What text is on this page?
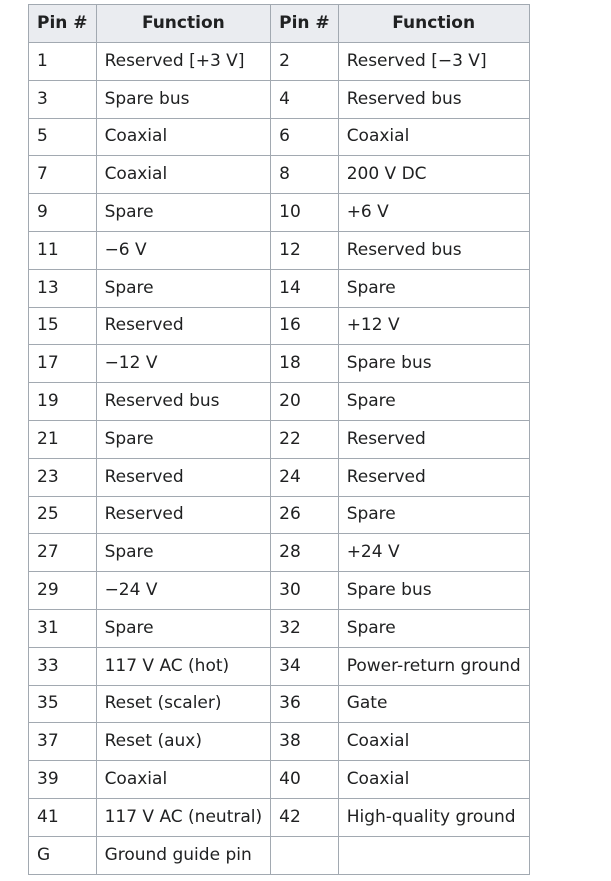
Pin #	Function	Pin #	Function
1	Reserved [+3 V]	2	Reserved [−3 V]
3	Spare bus	4	Reserved bus
5	Coaxial	6	Coaxial
7	Coaxial	8	200 V DC
9	Spare	10	+6 V
11	−6 V	12	Reserved bus
13	Spare	14	Spare
15	Reserved	16	+12 V
17	−12 V	18	Spare bus
19	Reserved bus	20	Spare
21	Spare	22	Reserved
23	Reserved	24	Reserved
25	Reserved	26	Spare
27	Spare	28	+24 V
29	−24 V	30	Spare bus
31	Spare	32	Spare
33	117 V AC (hot)	34	Power-return ground
35	Reset (scaler)	36	Gate
37	Reset (aux)	38	Coaxial
39	Coaxial	40	Coaxial
41	117 V AC (neutral)	42	High-quality ground
G	Ground guide pin		
